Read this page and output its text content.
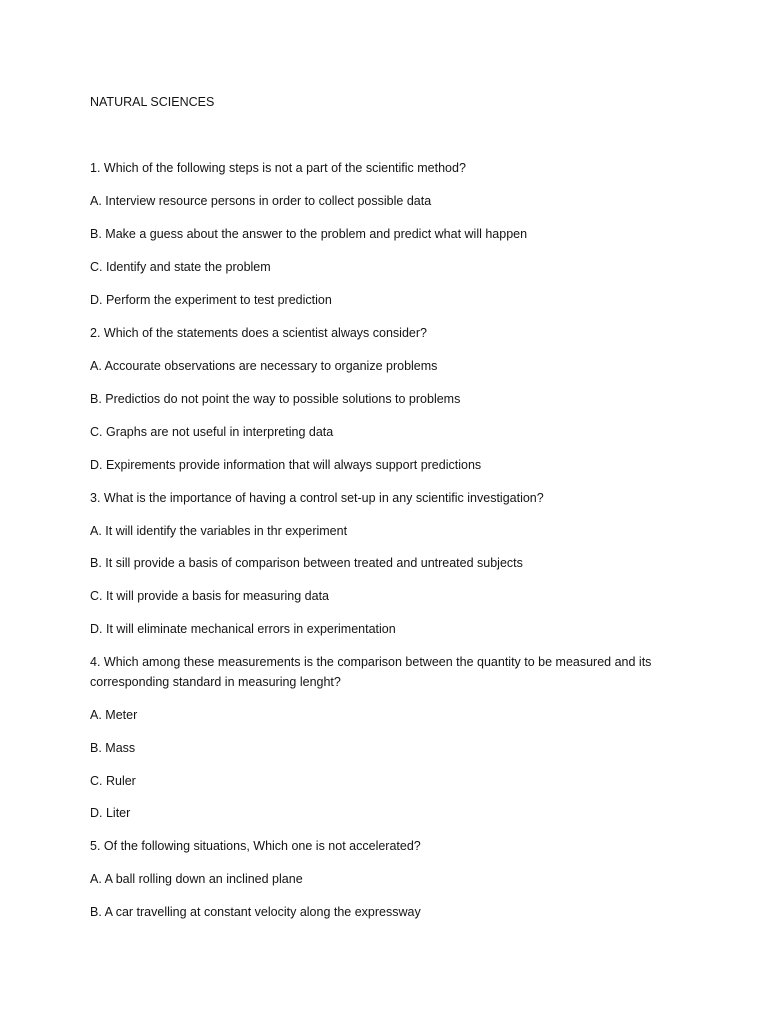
NATURAL SCIENCES
1. Which of the following steps is not a part of the scientific method?
A. Interview resource persons in order to collect possible data
B. Make a guess about the answer to the problem and predict what will happen
C. Identify and state the problem
D. Perform the experiment to test prediction
2. Which of the statements does a scientist always consider?
A. Accourate observations are necessary to organize problems
B. Predictios do not point the way to possible solutions to problems
C. Graphs are not useful in interpreting data
D. Expirements provide information that will always support predictions
3. What is the importance of having a control set-up in any scientific investigation?
A. It will identify the variables in thr experiment
B. It sill provide a basis of comparison between treated and untreated subjects
C. It will provide a basis for measuring data
D. It will eliminate mechanical errors in experimentation
4. Which among these measurements is the comparison between the quantity to be measured and its corresponding standard in measuring lenght?
A. Meter
B. Mass
C. Ruler
D. Liter
5. Of the following situations, Which one is not accelerated?
A. A ball rolling down an inclined plane
B. A car travelling at constant velocity along the expressway
